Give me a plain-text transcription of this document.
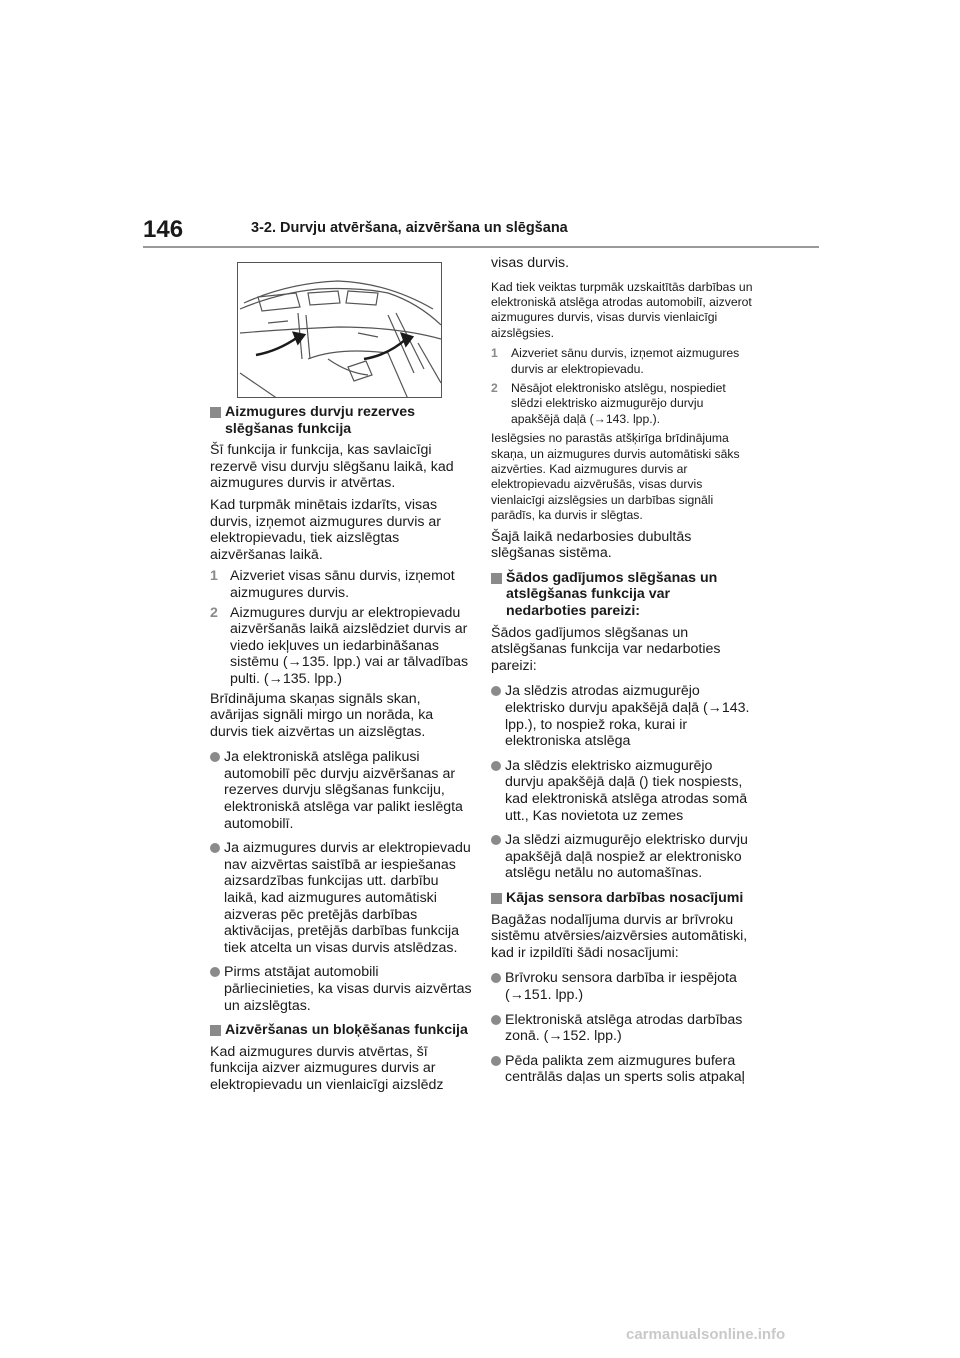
146	3-2. Durvju atvēršana, aizvēršana un slēgšana
Aizmugures durvju rezerves slēgšanas funkcija
Šī funkcija ir funkcija, kas savlaicīgi rezervē visu durvju slēgšanu laikā, kad aizmugures durvis ir atvērtas.
Kad turpmāk minētais izdarīts, visas durvis, izņemot aizmugures durvis ar elektropievadu, tiek aizslēgtas aizvēršanas laikā.
1 Aizveriet visas sānu durvis, izņemot aizmugures durvis.
2 Aizmugures durvju ar elektropievadu aizvēršanās laikā aizslēdziet durvis ar viedo iekļuves un iedarbināšanas sistēmu (→135. lpp.) vai ar tālvadības pulti. (→135. lpp.)
Brīdinājuma skaņas signāls skan, avārijas signāli mirgo un norāda, ka durvis tiek aizvērtas un aizslēgtas.
Ja elektroniskā atslēga palikusi automobilī pēc durvju aizvēršanas ar rezerves durvju slēgšanas funkciju, elektroniskā atslēga var palikt ieslēgta automobilī.
Ja aizmugures durvis ar elektropievadu nav aizvērtas saistībā ar iespiešanas aizsardzības funkcijas utt. darbību laikā, kad aizmugures automātiski aizveras pēc pretējās darbības aktivācijas, pretējās darbības funkcija tiek atcelta un visas durvis atslēdzas.
Pirms atstājat automobili pārliecinieties, ka visas durvis aizvērtas un aizslēgtas.
Aizvēršanas un bloķēšanas funkcija
Kad aizmugures durvis atvērtas, šī funkcija aizver aizmugures durvis ar elektropievadu un vienlaicīgi aizslēdz
visas durvis.
Kad tiek veiktas turpmāk uzskaitītās darbības un elektroniskā atslēga atrodas automobilī, aizverot aizmugures durvis, visas durvis vienlaicīgi aizslēgsies.
1 Aizveriet sānu durvis, izņemot aizmugures durvis ar elektropievadu.
2 Nēsājot elektronisko atslēgu, nospiediet slēdzi elektrisko aizmugurējo durvju apakšējā daļā (→143. lpp.).
Ieslēgsies no parastās atšķirīga brīdinājuma skaņa, un aizmugures durvis automātiski sāks aizvērties. Kad aizmugures durvis ar elektropievadu aizvērušās, visas durvis vienlaicīgi aizslēgsies un darbības signāli parādīs, ka durvis ir slēgtas.
Šajā laikā nedarbosies dubultās slēgšanas sistēma.
Šādos gadījumos slēgšanas un atslēgšanas funkcija var nedarboties pareizi:
Šādos gadījumos slēgšanas un atslēgšanas funkcija var nedarboties pareizi:
Ja slēdzis atrodas aizmugurējo elektrisko durvju apakšējā daļā (→143. lpp.), to nospiež roka, kurai ir elektroniska atslēga
Ja slēdzis elektrisko aizmugurējo durvju apakšējā daļā () tiek nospiests, kad elektroniskā atslēga atrodas somā utt., Kas novietota uz zemes
Ja slēdzi aizmugurējo elektrisko durvju apakšējā daļā nospiež ar elektronisko atslēgu netālu no automašīnas.
Kājas sensora darbības nosacījumi
Bagāžas nodalījuma durvis ar brīvroku sistēmu atvērsies/aizvērsies automātiski, kad ir izpildīti šādi nosacījumi:
Brīvroku sensora darbība ir iespējota (→151. lpp.)
Elektroniskā atslēga atrodas darbības zonā. (→152. lpp.)
Pēda palikta zem aizmugures bufera centrālās daļas un sperts solis atpakaļ
carmanualsonline.info
